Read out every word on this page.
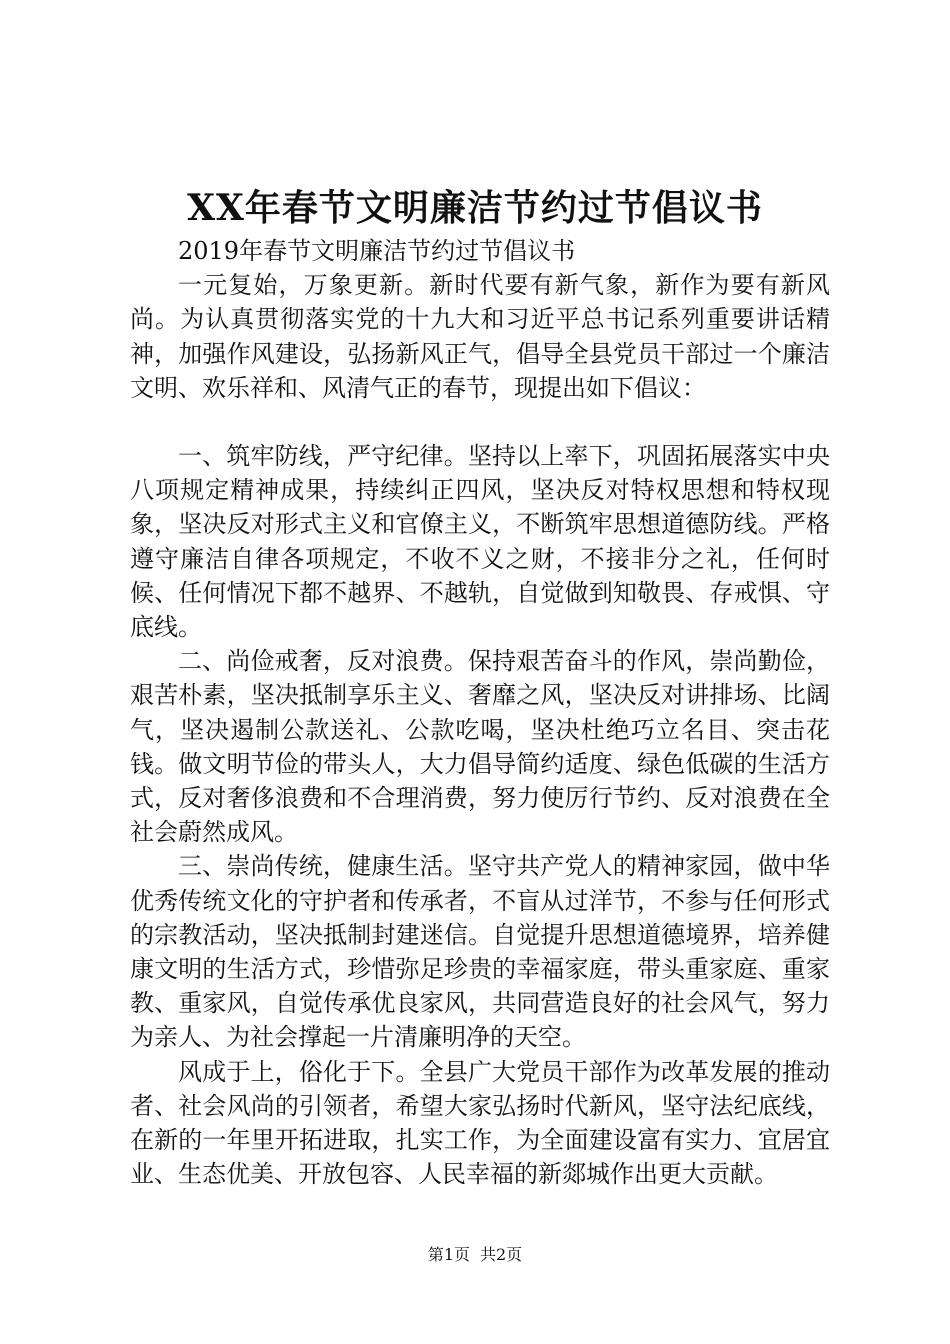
XX年春节文明廉洁节约过节倡议书

2019年春节文明廉洁节约过节倡议书

一元复始，万象更新。新时代要有新气象，新作为要有新风尚。为认真贯彻落实党的十九大和习近平总书记系列重要讲话精神，加强作风建设，弘扬新风正气，倡导全县党员干部过一个廉洁文明、欢乐祥和、风清气正的春节，现提出如下倡议：

一、筑牢防线，严守纪律。坚持以上率下，巩固拓展落实中央八项规定精神成果，持续纠正四风，坚决反对特权思想和特权现象，坚决反对形式主义和官僚主义，不断筑牢思想道德防线。严格遵守廉洁自律各项规定，不收不义之财，不接非分之礼，任何时候、任何情况下都不越界、不越轨，自觉做到知敬畏、存戒惧、守底线。

二、尚俭戒奢，反对浪费。保持艰苦奋斗的作风，崇尚勤俭，艰苦朴素，坚决抵制享乐主义、奢靡之风，坚决反对讲排场、比阔气，坚决遏制公款送礼、公款吃喝，坚决杜绝巧立名目、突击花钱。做文明节俭的带头人，大力倡导简约适度、绿色低碳的生活方式，反对奢侈浪费和不合理消费，努力使厉行节约、反对浪费在全社会蔚然成风。

三、崇尚传统，健康生活。坚守共产党人的精神家园，做中华优秀传统文化的守护者和传承者，不盲从过洋节，不参与任何形式的宗教活动，坚决抵制封建迷信。自觉提升思想道德境界，培养健康文明的生活方式，珍惜弥足珍贵的幸福家庭，带头重家庭、重家教、重家风，自觉传承优良家风，共同营造良好的社会风气，努力为亲人、为社会撑起一片清廉明净的天空。

风成于上，俗化于下。全县广大党员干部作为改革发展的推动者、社会风尚的引领者，希望大家弘扬时代新风，坚守法纪底线，在新的一年里开拓进取，扎实工作，为全面建设富有实力、宜居宜业、生态优美、开放包容、人民幸福的新郯城作出更大贡献。

第1页 共2页
